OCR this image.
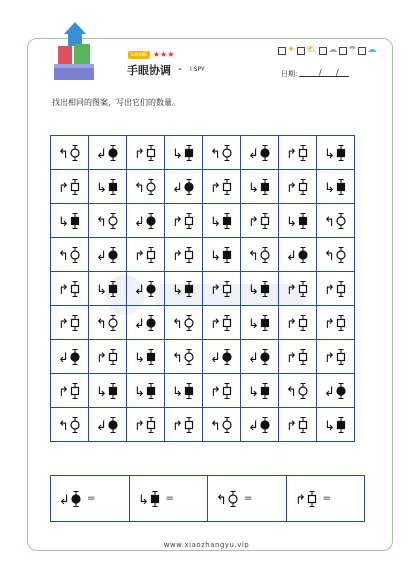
Level ★★★
手眼协调 - I SPY
☀ ⛅ ☁ ☂ ☁
日期:	/ /
找出相同的图案，写出它们的数量。
↰	↲	↱	↳	↰	↲	↱	↳

↱	↳	↰	↲	↱	↳	↱	↳

↳	↰	↲	↱	↳	↱	↳	↰

↰	↲	↱	↱	↳	↰	↲	↰

↱	↳	↲	↳	↱	↳	↱	↱

↱	↰	↲	↰	↱	↳	↱	↱

↲	↱	↳	↰	↲	↲	↱	↱

↱	↳	↳	↳	↱	↳	↰	↲

↰	↲	↱	↱	↰	↲	↱	↳
↲ =	↳ =	↰ =	↱ =
www.xiaozhangyu.vip
